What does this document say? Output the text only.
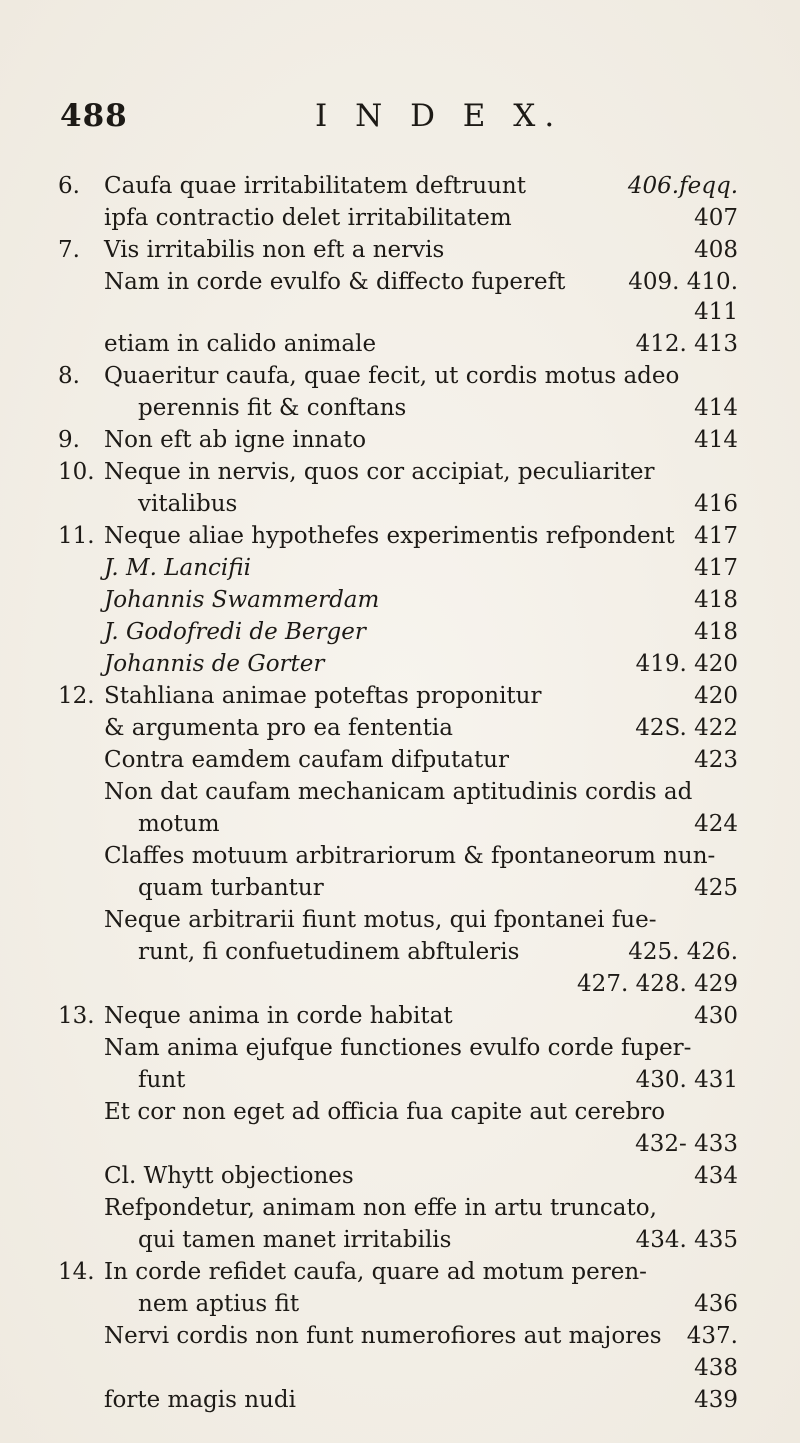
488	I N D E X.
6. Caufa quae irritabilitatem deftruunt	406.feqq.
ipfa contractio delet irritabilitatem	407
7. Vis irritabilis non eft a nervis	408
Nam in corde evulfo & diffecto fupereft	409. 410.
411
etiam in calido animale	412. 413
8. Quaeritur caufa, quae fecit, ut cordis motus adeo
perennis fit & conftans	414
9. Non eft ab igne innato	414
10. Neque in nervis, quos cor accipiat, peculiariter
vitalibus	416
11. Neque aliae hypothefes experimentis refpondent 417
J. M. Lancifii	417
Johannis Swammerdam	418
J. Godofredi de Berger	418
Johannis de Gorter	419. 420
12. Stahliana animae poteftas proponitur	420
& argumenta pro ea fententia	42S. 422
Contra eamdem caufam difputatur	423
Non dat caufam mechanicam aptitudinis cordis ad
motum	424
Claffes motuum arbitrariorum & fpontaneorum nun-
quam turbantur	425
Neque arbitrarii fiunt motus, qui fpontanei fue-
runt, fi confuetudinem abftuleris	425. 426.
427. 428. 429
13. Neque anima in corde habitat	430
Nam anima ejufque functiones evulfo corde fuper-
funt	430. 431
Et cor non eget ad officia fua capite aut cerebro
432- 433
Cl. Whytt objectiones	434
Refpondetur, animam non effe in artu truncato,
qui tamen manet irritabilis	434. 435
14. In corde refidet caufa, quare ad motum peren-
nem aptius fit	436
Nervi cordis non funt numerofiores aut majores 437.
438
forte magis nudi	439
